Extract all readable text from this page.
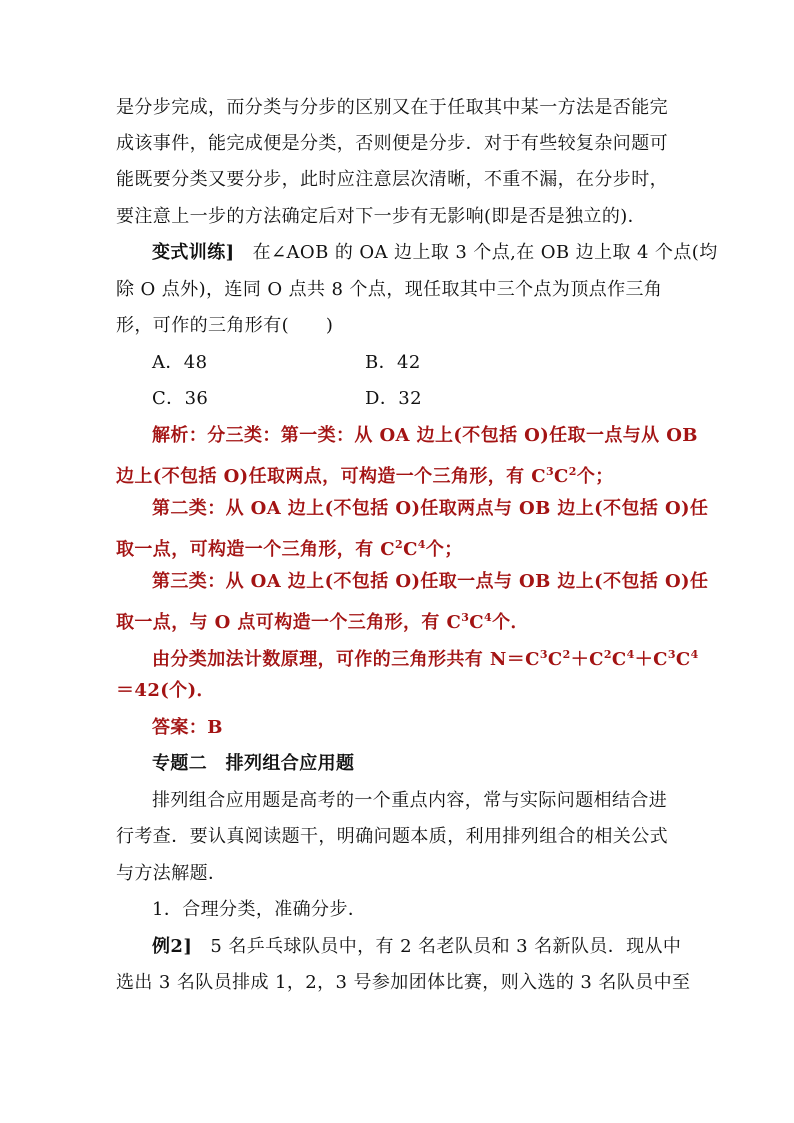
是分步完成，而分类与分步的区别又在于任取其中某一方法是否能完
成该事件，能完成便是分类，否则便是分步．对于有些较复杂问题可
能既要分类又要分步，此时应注意层次清晰，不重不漏，在分步时，
要注意上一步的方法确定后对下一步有无影响(即是否是独立的)．
变式训练] 在∠AOB 的 OA 边上取 3 个点,在 OB 边上取 4 个点(均
除 O 点外)，连同 O 点共 8 个点，现任取其中三个点为顶点作三角
形，可作的三角形有(　　)
A．48	B．42
C．36	D．32
解析：分三类：第一类：从 OA 边上(不包括 O)任取一点与从 OB
边上(不包括 O)任取两点，可构造一个三角形，有 $C^3C^2$个；
第二类：从 OA 边上(不包括 O)任取两点与 OB 边上(不包括 O)任
取一点，可构造一个三角形，有 $C^2C^4$个；
第三类：从 OA 边上(不包括 O)任取一点与 OB 边上(不包括 O)任
取一点，与 O 点可构造一个三角形，有 $C^3C^4$个．
由分类加法计数原理，可作的三角形共有 $N=C^3C^2+C^2C^4+C^3C^4$
＝42(个)．
答案：B
专题二　排列组合应用题
排列组合应用题是高考的一个重点内容，常与实际问题相结合进
行考查．要认真阅读题干，明确问题本质，利用排列组合的相关公式
与方法解题．
1．合理分类，准确分步．
例2] 5 名乒乓球队员中，有 2 名老队员和 3 名新队员．现从中
选出 3 名队员排成 1，2，3 号参加团体比赛，则入选的 3 名队员中至
